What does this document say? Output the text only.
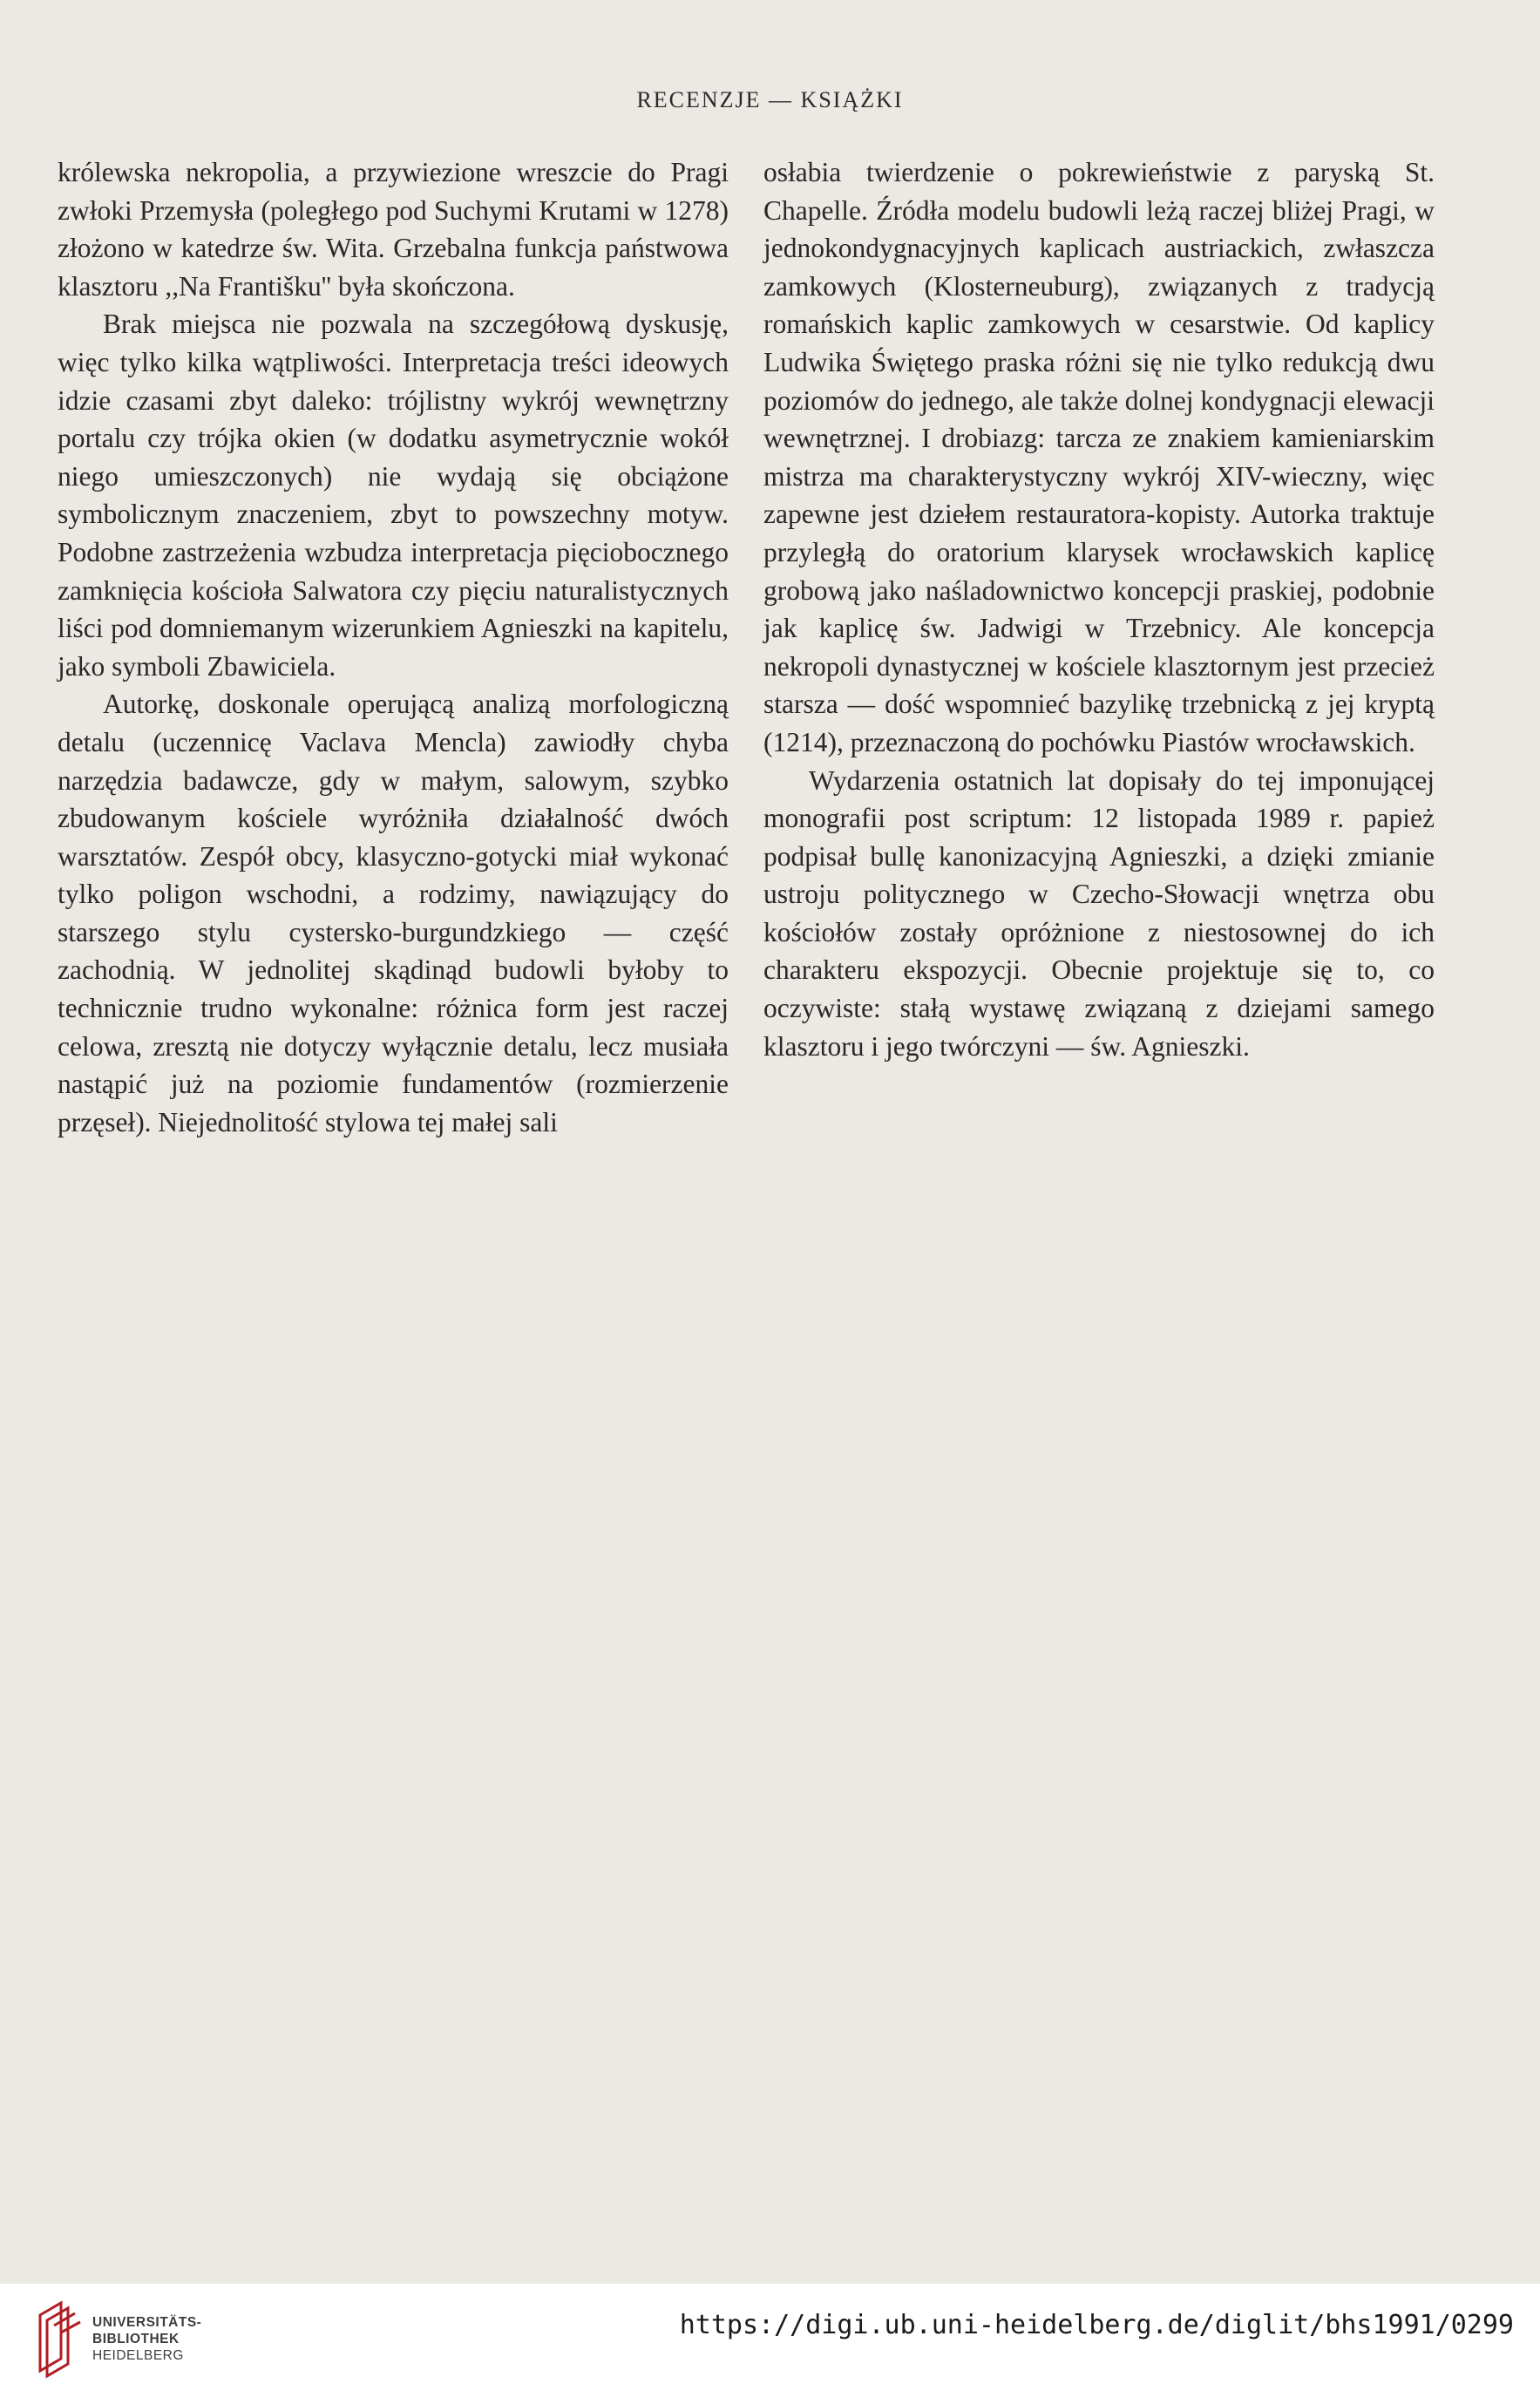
RECENZJE — KSIĄŻKI

królewska nekropolia, a przywiezione wreszcie do Pragi zwłoki Przemysła (poległego pod Suchymi Krutami w 1278) złożono w katedrze św. Wita. Grzebalna funkcja państwowa klasztoru ,,Na Františku'' była skończona.

Brak miejsca nie pozwala na szczegółową dyskusję, więc tylko kilka wątpliwości. Interpretacja treści ideowych idzie czasami zbyt daleko: trójlistny wykrój wewnętrzny portalu czy trójka okien (w dodatku asymetrycznie wokół niego umieszczonych) nie wydają się obciążone symbolicznym znaczeniem, zbyt to powszechny motyw. Podobne zastrzeżenia wzbudza interpretacja pięciobocznego zamknięcia kościoła Salwatora czy pięciu naturalistycznych liści pod domniemanym wizerunkiem Agnieszki na kapitelu, jako symboli Zbawiciela.

Autorkę, doskonale operującą analizą morfologiczną detalu (uczennicę Vaclava Mencla) zawiodły chyba narzędzia badawcze, gdy w małym, salowym, szybko zbudowanym kościele wyróżniła działalność dwóch warsztatów. Zespół obcy, klasyczno-gotycki miał wykonać tylko poligon wschodni, a rodzimy, nawiązujący do starszego stylu cystersko-burgundzkiego — część zachodnią. W jednolitej skądinąd budowli byłoby to technicznie trudno wykonalne: różnica form jest raczej celowa, zresztą nie dotyczy wyłącznie detalu, lecz musiała nastąpić już na poziomie fundamentów (rozmierzenie przęseł). Niejednolitość stylowa tej małej sali

osłabia twierdzenie o pokrewieństwie z paryską St. Chapelle. Źródła modelu budowli leżą raczej bliżej Pragi, w jednokondygnacyjnych kaplicach austriackich, zwłaszcza zamkowych (Klosterneuburg), związanych z tradycją romańskich kaplic zamkowych w cesarstwie. Od kaplicy Ludwika Świętego praska różni się nie tylko redukcją dwu poziomów do jednego, ale także dolnej kondygnacji elewacji wewnętrznej. I drobiazg: tarcza ze znakiem kamieniarskim mistrza ma charakterystyczny wykrój XIV-wieczny, więc zapewne jest dziełem restauratora-kopisty. Autorka traktuje przyległą do oratorium klarysek wrocławskich kaplicę grobową jako naśladownictwo koncepcji praskiej, podobnie jak kaplicę św. Jadwigi w Trzebnicy. Ale koncepcja nekropoli dynastycznej w kościele klasztornym jest przecież starsza — dość wspomnieć bazylikę trzebnicką z jej kryptą (1214), przeznaczoną do pochówku Piastów wrocławskich.

Wydarzenia ostatnich lat dopisały do tej imponującej monografii post scriptum: 12 listopada 1989 r. papież podpisał bullę kanonizacyjną Agnieszki, a dzięki zmianie ustroju politycznego w Czecho-Słowacji wnętrza obu kościołów zostały opróżnione z niestosownej do ich charakteru ekspozycji. Obecnie projektuje się to, co oczywiste: stałą wystawę związaną z dziejami samego klasztoru i jego twórczyni — św. Agnieszki.

UNIVERSITÄTS-
BIBLIOTHEK
HEIDELBERG
https://digi.ub.uni-heidelberg.de/diglit/bhs1991/0299
